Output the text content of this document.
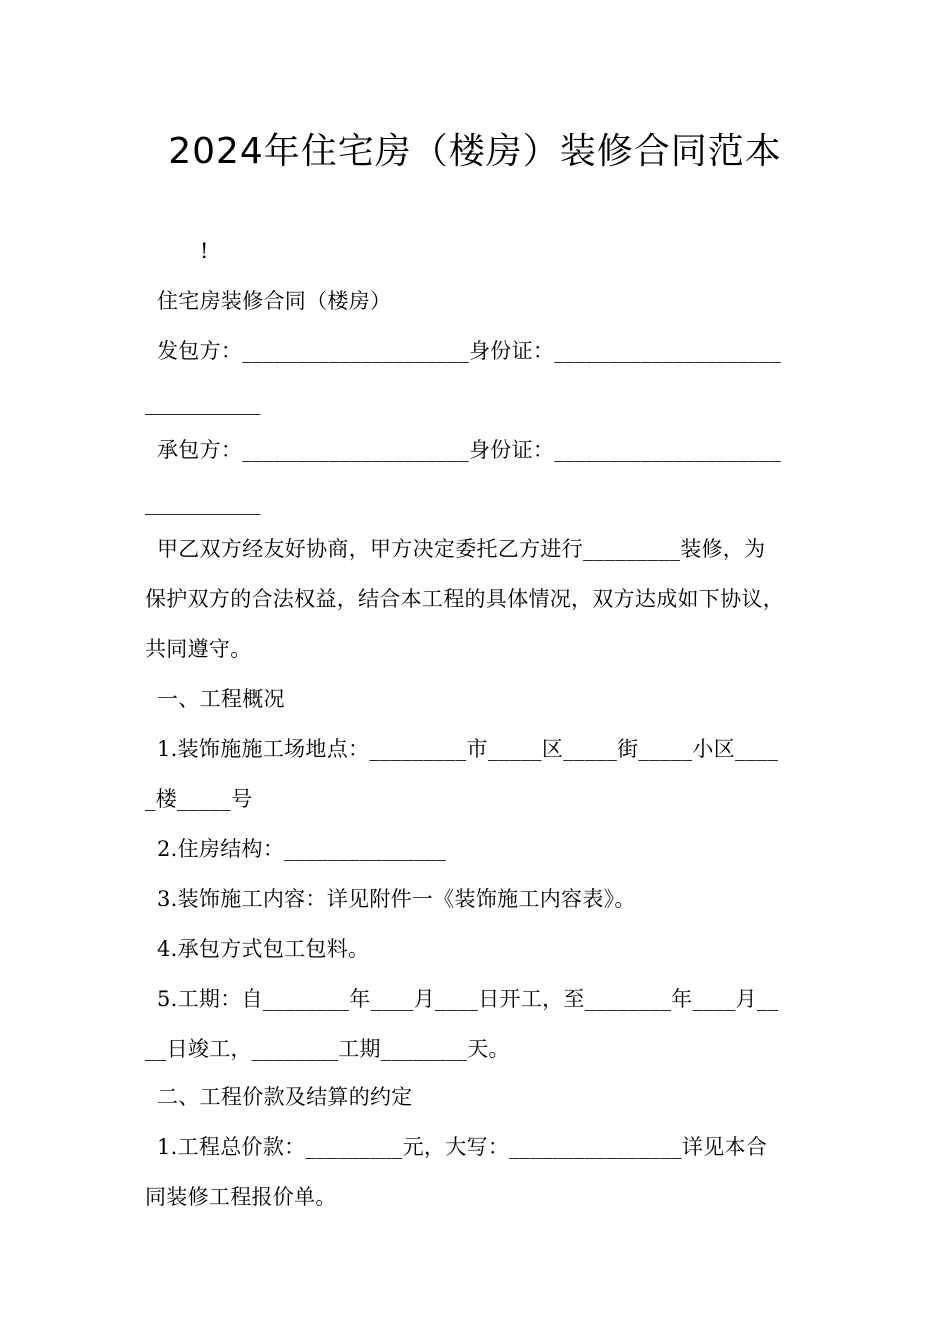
2024年住宅房（楼房）装修合同范本
!
住宅房装修合同（楼房）
发包方：_____________________身份证：_____________________
___________
承包方：_____________________身份证：_____________________
___________
甲乙双方经友好协商，甲方决定委托乙方进行_________装修，为
保护双方的合法权益，结合本工程的具体情况，双方达成如下协议，
共同遵守。
一、工程概况
1.装饰施施工场地点：_________市_____区_____街_____小区____
_楼_____号
2.住房结构：_______________
3.装饰施工内容：详见附件一《装饰施工内容表》。
4.承包方式包工包料。
5.工期：自________年____月____日开工，至________年____月__
__日竣工，________工期________天。
二、工程价款及结算的约定
1.工程总价款：_________元，大写：________________详见本合
同装修工程报价单。
